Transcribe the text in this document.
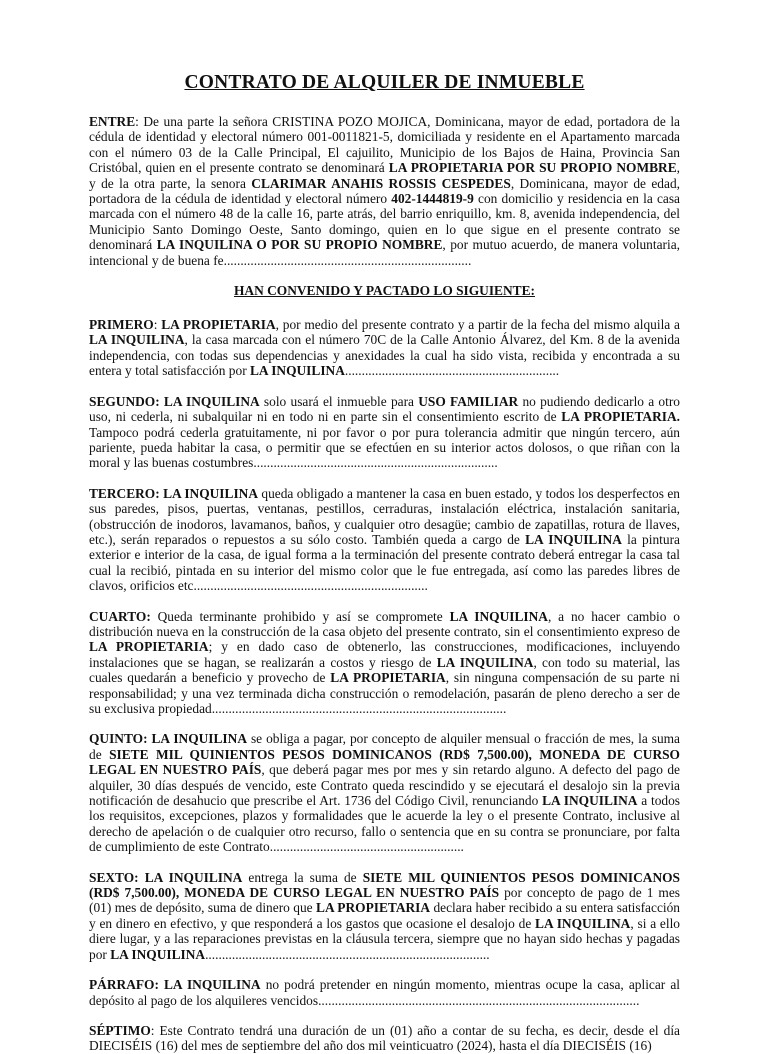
CONTRATO DE ALQUILER DE INMUEBLE

ENTRE: De una parte la señora CRISTINA POZO MOJICA, Dominicana, mayor de edad, portadora de la cédula de identidad y electoral número 001-0011821-5, domiciliada y residente en el Apartamento marcada con el número 03 de la Calle Principal, El cajuilito, Municipio de los Bajos de Haina, Provincia San Cristóbal, quien en el presente contrato se denominará LA PROPIETARIA POR SU PROPIO NOMBRE, y de la otra parte, la senora CLARIMAR ANAHIS ROSSIS CESPEDES, Dominicana, mayor de edad, portadora de la cédula de identidad y electoral número 402-1444819-9 con domicilio y residencia en la casa marcada con el número 48 de la calle 16, parte atrás, del barrio enriquillo, km. 8, avenida independencia, del Municipio Santo Domingo Oeste, Santo domingo, quien en lo que sigue en el presente contrato se denominará LA INQUILINA O POR SU PROPIO NOMBRE, por mutuo acuerdo, de manera voluntaria, intencional y de buena fe..........................................................................

HAN CONVENIDO Y PACTADO LO SIGUIENTE:

PRIMERO: LA PROPIETARIA, por medio del presente contrato y a partir de la fecha del mismo alquila a LA INQUILINA, la casa marcada con el número 70C de la Calle Antonio Álvarez, del Km. 8 de la avenida independencia, con todas sus dependencias y anexidades la cual ha sido vista, recibida y encontrada a su entera y total satisfacción por LA INQUILINA................................................................

SEGUNDO: LA INQUILINA solo usará el inmueble para USO FAMILIAR no pudiendo dedicarlo a otro uso, ni cederla, ni subalquilar ni en todo ni en parte sin el consentimiento escrito de LA PROPIETARIA. Tampoco podrá cederla gratuitamente, ni por favor o por pura tolerancia admitir que ningún tercero, aún pariente, pueda habitar la casa, o permitir que se efectúen en su interior actos dolosos, o que riñan con la moral y las buenas costumbres.........................................................................

TERCERO: LA INQUILINA queda obligado a mantener la casa en buen estado, y todos los desperfectos en sus paredes, pisos, puertas, ventanas, pestillos, cerraduras, instalación eléctrica, instalación sanitaria, (obstrucción de inodoros, lavamanos, baños, y cualquier otro desagüe; cambio de zapatillas, rotura de llaves, etc.), serán reparados o repuestos a su sólo costo. También queda a cargo de LA INQUILINA la pintura exterior e interior de la casa, de igual forma a la terminación del presente contrato deberá entregar la casa tal cual la recibió, pintada en su interior del mismo color que le fue entregada, así como las paredes libres de clavos, orificios etc......................................................................

CUARTO: Queda terminante prohibido y así se compromete LA INQUILINA, a no hacer cambio o distribución nueva en la construcción de la casa objeto del presente contrato, sin el consentimiento expreso de LA PROPIETARIA; y en dado caso de obtenerlo, las construcciones, modificaciones, incluyendo instalaciones que se hagan, se realizarán a costos y riesgo de LA INQUILINA, con todo su material, las cuales quedarán a beneficio y provecho de LA PROPIETARIA, sin ninguna compensación de su parte ni responsabilidad; y una vez terminada dicha construcción o remodelación, pasarán de pleno derecho a ser de su exclusiva propiedad........................................................................................

QUINTO: LA INQUILINA se obliga a pagar, por concepto de alquiler mensual o fracción de mes, la suma de SIETE MIL QUINIENTOS PESOS DOMINICANOS (RD$ 7,500.00), MONEDA DE CURSO LEGAL EN NUESTRO PAÍS, que deberá pagar mes por mes y sin retardo alguno. A defecto del pago de alquiler, 30 días después de vencido, este Contrato queda rescindido y se ejecutará el desalojo sin la previa notificación de desahucio que prescribe el Art. 1736 del Código Civil, renunciando LA INQUILINA a todos los requisitos, excepciones, plazos y formalidades que le acuerde la ley o el presente Contrato, inclusive al derecho de apelación o de cualquier otro recurso, fallo o sentencia que en su contra se pronunciare, por falta de cumplimiento de este Contrato..........................................................

SEXTO: LA INQUILINA entrega la suma de SIETE MIL QUINIENTOS PESOS DOMINICANOS (RD$ 7,500.00), MONEDA DE CURSO LEGAL EN NUESTRO PAÍS por concepto de pago de 1 mes (01) mes de depósito, suma de dinero que LA PROPIETARIA declara haber recibido a su entera satisfacción y en dinero en efectivo, y que responderá a los gastos que ocasione el desalojo de LA INQUILINA, si a ello diere lugar, y a las reparaciones previstas en la cláusula tercera, siempre que no hayan sido hechas y pagadas por LA INQUILINA.....................................................................................

PÁRRAFO: LA INQUILINA no podrá pretender en ningún momento, mientras ocupe la casa, aplicar al depósito al pago de los alquileres vencidos................................................................................................

SÉPTIMO: Este Contrato tendrá una duración de un (01) año a contar de su fecha, es decir, desde el día DIECISÉIS (16) del mes de septiembre del año dos mil veinticuatro (2024), hasta el día DIECISÉIS (16)
